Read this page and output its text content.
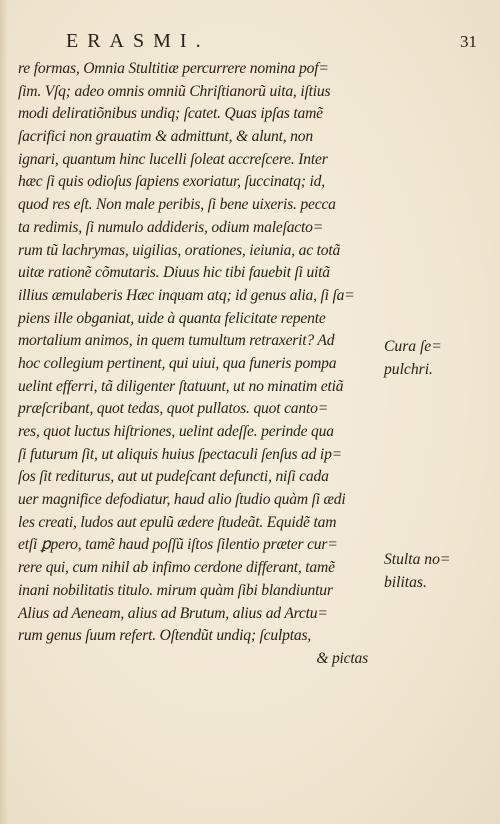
ERASMI.	31
re formas, Omnia Stultitiæ percurrere nomina pof=
ſim. Vſq; adeo omnis omniũ Chriſtianorũ uita, iſtius
modi deliratiõnibus undiq; ſcatet. Quas ipſas tamẽ
ſacrifici non grauatim & admittunt, & alunt, non
ignari, quantum hinc lucelli ſoleat accreſcere. Inter
hæc ſi quis odioſus ſapiens exoriatur, ſuccinatq; id,
quod res eſt. Non male peribis, ſi bene uixeris. pecca
ta redimis, ſi numulo addideris, odium maleſacto=
rum tũ lachrymas, uigilias, orationes, ieiunia, ac totã
uitæ rationẽ cõmutaris. Diuus hic tibi fauebit ſi uitã
illius æmulaberis Hæc inquam atq; id genus alia, ſi ſa=
piens ille obganiat, uide à quanta felicitate repente
mortalium animos, in quem tumultum retraxerit? Ad
hoc collegium pertinent, qui uiui, qua funeris pompa
uelint efferri, tã diligenter ſtatuunt, ut no minatim etiã
præſcribant, quot tedas, quot pullatos. quot canto=
res, quot luctus hiſtriones, uelint adeſſe. perinde qua
ſi futurum ſit, ut aliquis huius ſpectaculi ſenſus ad ip=
ſos ſit rediturus, aut ut pudeſcant defuncti, niſi cada
uer magnifice defodiatur, haud alio ſtudio quàm ſi ædi
les creati, ludos aut epulũ ædere ſtudeãt. Equidẽ tam
etſi ꝑpero, tamẽ haud poſſũ iſtos ſilentio præter cur=
rere qui, cum nihil ab infimo cerdone differant, tamẽ
inani nobilitatis titulo. mirum quàm ſibi blandiuntur
Alius ad Aeneam, alius ad Brutum, alius ad Arctu=
rum genus ſuum refert. Oſtendũt undiq; ſculptas,
& pictas
Cura ſe=
pulchri.
Stulta no=
bilitas.
